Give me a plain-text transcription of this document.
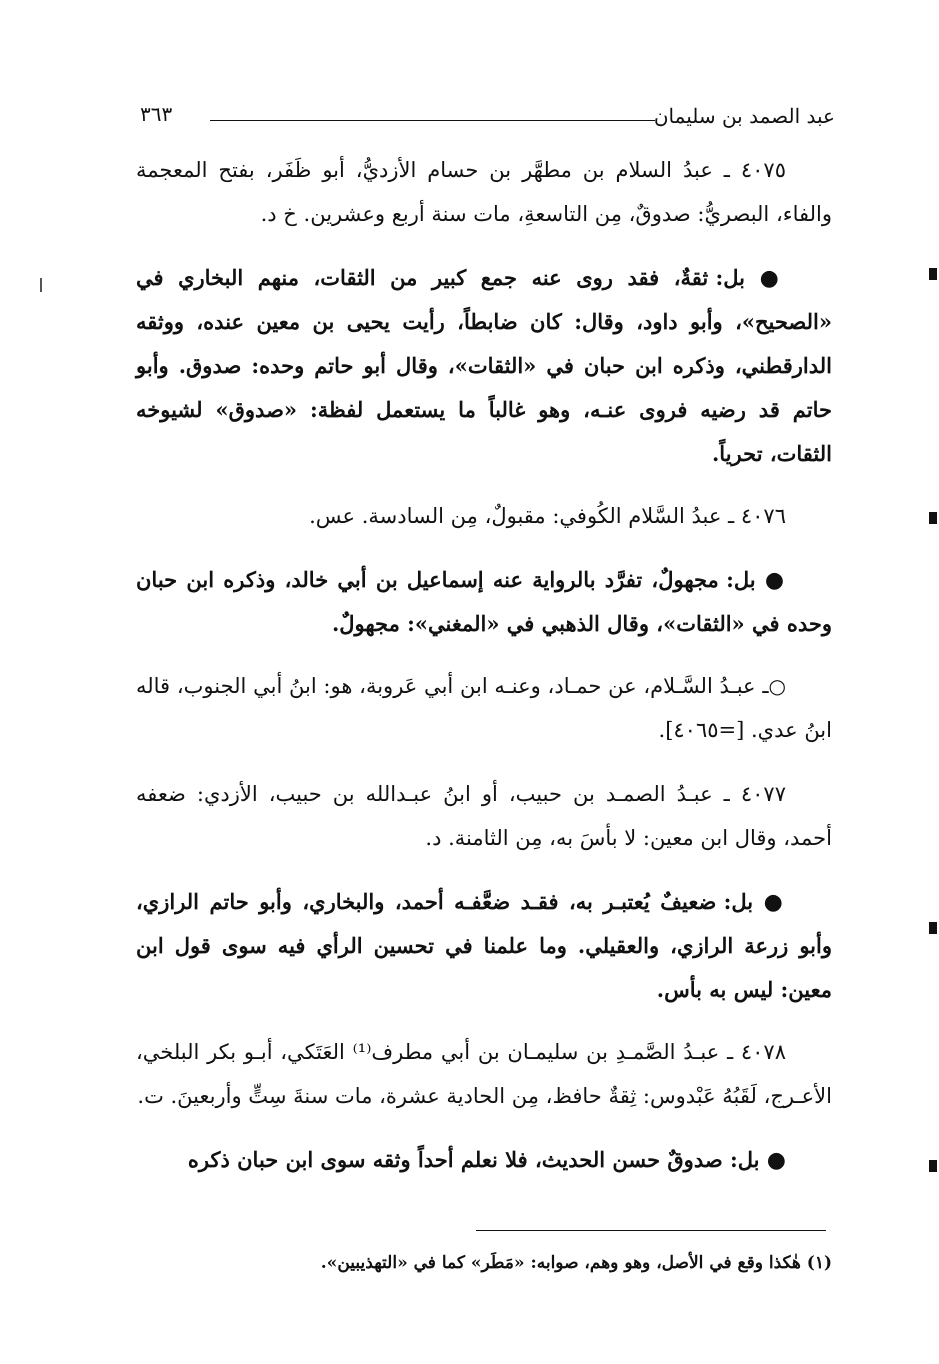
عبد الصمد بن سليمان
٣٦٣

٤٠٧٥ ـ عبدُ السلام بن مطهَّر بن حسام الأزديُّ، أبو ظَفَر، بفتح المعجمة والفاء، البصريُّ: صدوقٌ، مِن التاسعةِ، مات سنة أربع وعشرين. خ د.

● بل: ثقةٌ، فقد روى عنه جمع كبير من الثقات، منهم البخاري في «الصحيح»، وأبو داود، وقال: كان ضابطاً، رأيت يحيى بن معين عنده، ووثقه الدارقطني، وذكره ابن حبان في «الثقات»، وقال أبو حاتم وحده: صدوق. وأبو حاتم قد رضيه فروى عنـه، وهو غالباً ما يستعمل لفظة: «صدوق» لشيوخه الثقات، تحرياً.

٤٠٧٦ ـ عبدُ السَّلام الكُوفي: مقبولٌ، مِن السادسة. عس.

● بل: مجهولٌ، تفرَّد بالرواية عنه إسماعيل بن أبي خالد، وذكره ابن حبان وحده في «الثقات»، وقال الذهبي في «المغني»: مجهولٌ.

○ـ عبـدُ السَّـلام، عن حمـاد، وعنـه ابن أبي عَروبة، هو: ابنُ أبي الجنوب، قاله ابنُ عدي. [=٤٠٦٥].

٤٠٧٧ ـ عبـدُ الصمـد بن حبيب، أو ابنُ عبـدالله بن حبيب، الأزدي: ضعفه أحمد، وقال ابن معين: لا بأسَ به، مِن الثامنة. د.

● بل: ضعيفٌ يُعتبـر به، فقـد ضعَّفـه أحمد، والبخاري، وأبو حاتم الرازي، وأبو زرعة الرازي، والعقيلي. وما علمنا في تحسين الرأي فيه سوى قول ابن معين: ليس به بأس.

٤٠٧٨ ـ عبـدُ الصَّمـدِ بن سليمـان بن أبي مطرف⁽¹⁾ العَتَكي، أبـو بكر البلخي، الأعـرج، لَقَبُهُ عَبْدوس: ثِقةٌ حافظ، مِن الحادية عشرة، مات سنةَ سِتٍّ وأربعينَ. ت.

● بل: صدوقٌ حسن الحديث، فلا نعلم أحداً وثقه سوى ابن حبان ذكره

(١) هٰكذا وقع في الأصل، وهو وهم، صوابه: «مَطَر» كما في «التهذيبين».
